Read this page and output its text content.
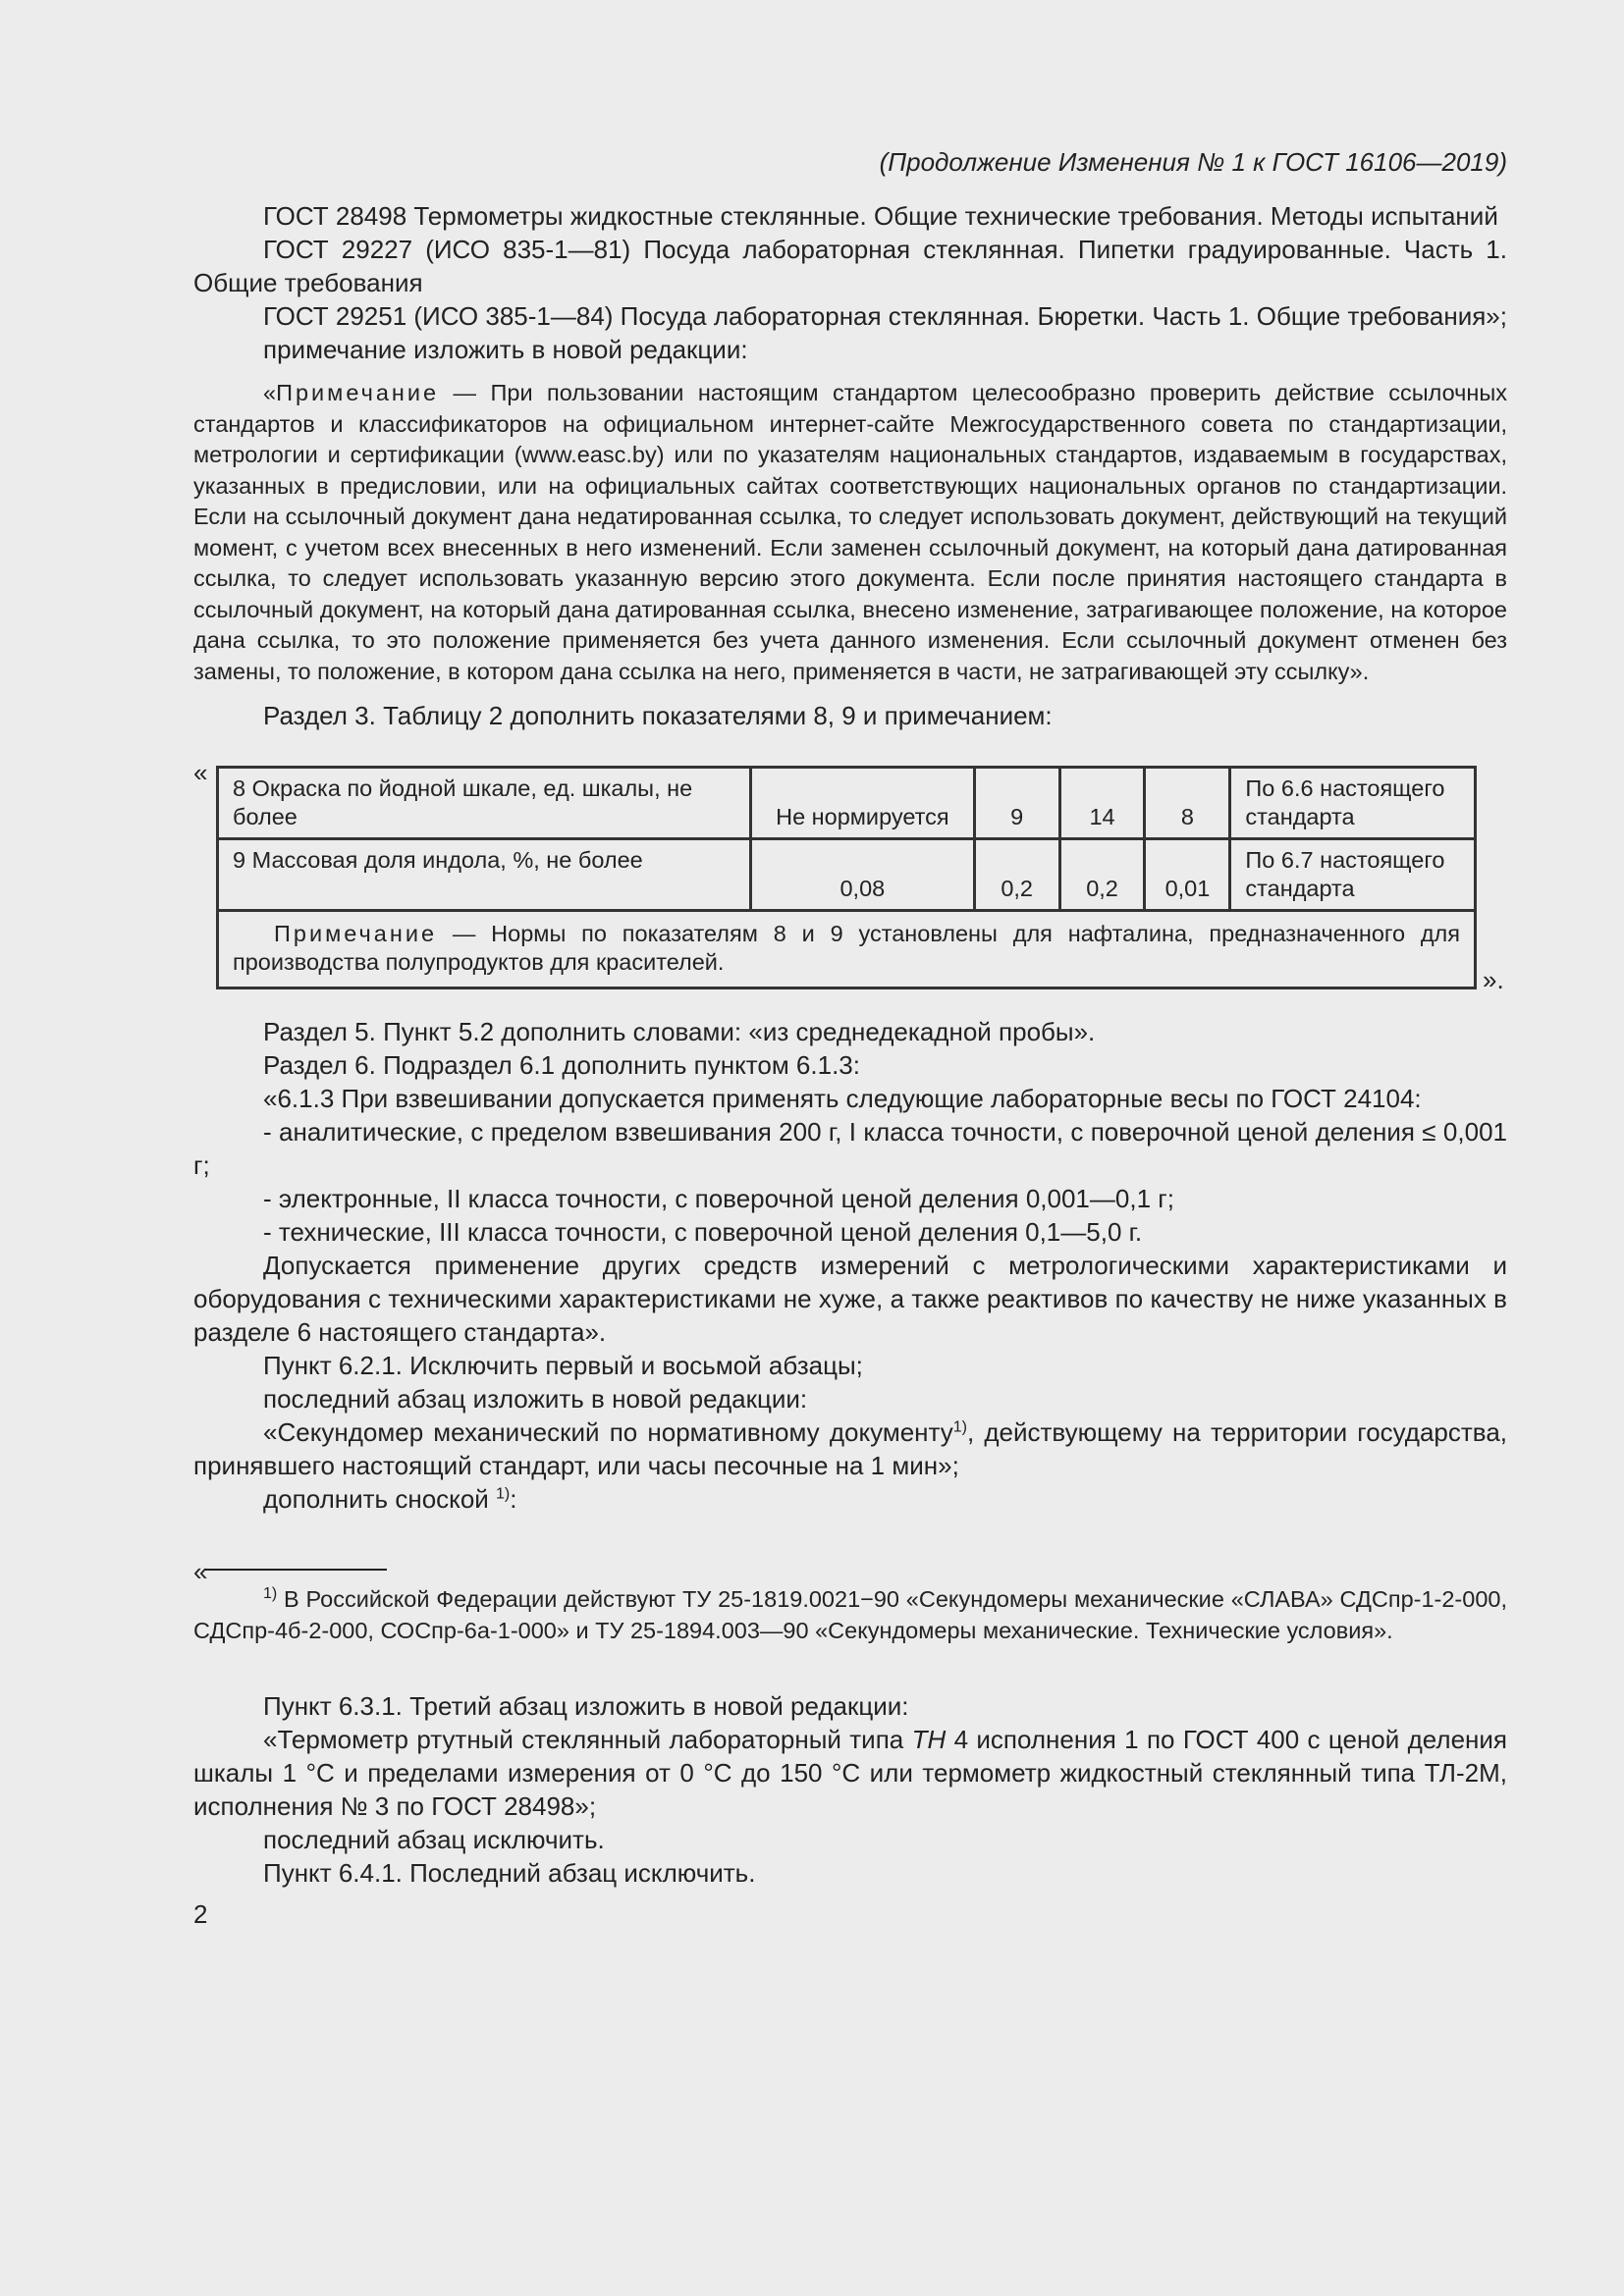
(Продолжение Изменения № 1 к ГОСТ 16106—2019)

ГОСТ 28498 Термометры жидкостные стеклянные. Общие технические требования. Методы испытаний

ГОСТ 29227 (ИСО 835-1—81) Посуда лабораторная стеклянная. Пипетки градуированные. Часть 1. Общие требования

ГОСТ 29251 (ИСО 385-1—84) Посуда лабораторная стеклянная. Бюретки. Часть 1. Общие требования»;

примечание изложить в новой редакции:

«Примечание — При пользовании настоящим стандартом целесообразно проверить действие ссылочных стандартов и классификаторов на официальном интернет-сайте Межгосударственного совета по стандартизации, метрологии и сертификации (www.easc.by) или по указателям национальных стандартов, издаваемым в государствах, указанных в предисловии, или на официальных сайтах соответствующих национальных органов по стандартизации. Если на ссылочный документ дана недатированная ссылка, то следует использовать документ, действующий на текущий момент, с учетом всех внесенных в него изменений. Если заменен ссылочный документ, на который дана датированная ссылка, то следует использовать указанную версию этого документа. Если после принятия настоящего стандарта в ссылочный документ, на который дана датированная ссылка, внесено изменение, затрагивающее положение, на которое дана ссылка, то это положение применяется без учета данного изменения. Если ссылочный документ отменен без замены, то положение, в котором дана ссылка на него, применяется в части, не затрагивающей эту ссылку».

Раздел 3. Таблицу 2 дополнить показателями 8, 9 и примечанием:

«
8 Окраска по йодной шкале, ед. шкалы, не более	Не нормируется	9	14	8	По 6.6 настоящего стандарта
9 Массовая доля индола, %, не более	0,08	0,2	0,2	0,01	По 6.7 настоящего стандарта
Примечание — Нормы по показателям 8 и 9 установлены для нафталина, предназначенного для производства полупродуктов для красителей.					
».

Раздел 5. Пункт 5.2 дополнить словами: «из среднедекадной пробы».

Раздел 6. Подраздел 6.1 дополнить пунктом 6.1.3:

«6.1.3 При взвешивании допускается применять следующие лабораторные весы по ГОСТ 24104:

- аналитические, с пределом взвешивания 200 г, I класса точности, с поверочной ценой деления ≤ 0,001 г;

- электронные, II класса точности, с поверочной ценой деления 0,001—0,1 г;

- технические, III класса точности, с поверочной ценой деления 0,1—5,0 г.

Допускается применение других средств измерений с метрологическими характеристиками и оборудования с техническими характеристиками не хуже, а также реактивов по качеству не ниже указанных в разделе 6 настоящего стандарта».

Пункт 6.2.1. Исключить первый и восьмой абзацы;

последний абзац изложить в новой редакции:

«Секундомер механический по нормативному документу$^{1)}$, действующему на территории государства, принявшего настоящий стандарт, или часы песочные на 1 мин»;

дополнить сноской $^{1)}$:

«

$^{1)}$ В Российской Федерации действуют ТУ 25-1819.0021−90 «Секундомеры механические «СЛАВА» СДСпр-1-2-000, СДСпр-4б-2-000, СОСпр-6а-1-000» и ТУ 25-1894.003—90 «Секундомеры механические. Технические условия».

Пункт 6.3.1. Третий абзац изложить в новой редакции:

«Термометр ртутный стеклянный лабораторный типа ТН 4 исполнения 1 по ГОСТ 400 с ценой деления шкалы 1 °С и пределами измерения от 0 °С до 150 °С или термометр жидкостный стеклянный типа ТЛ-2М, исполнения № 3 по ГОСТ 28498»;

последний абзац исключить.

Пункт 6.4.1. Последний абзац исключить.

2
